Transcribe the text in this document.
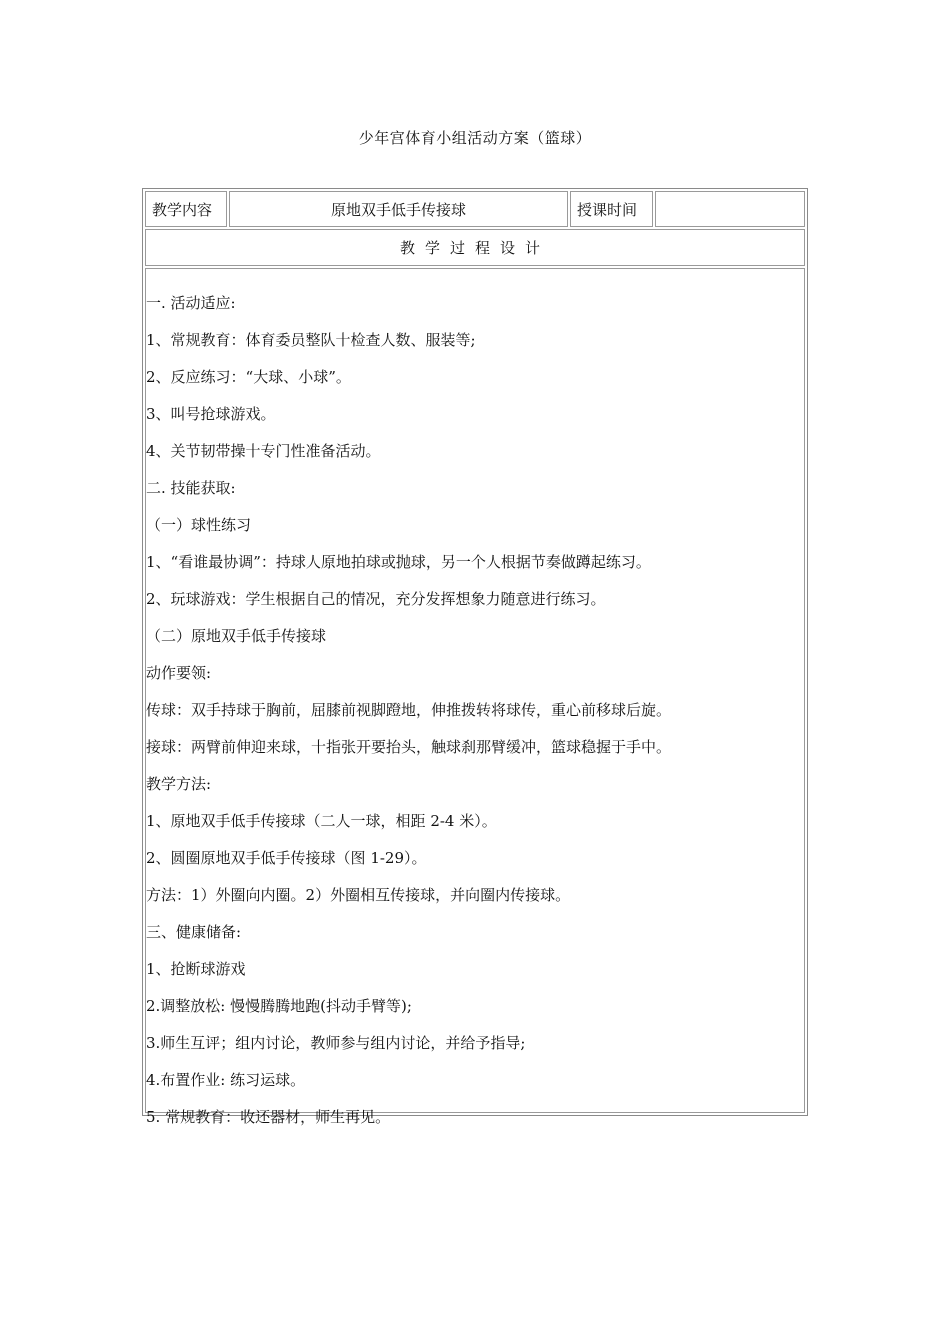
少年宫体育小组活动方案（篮球）
教学内容	原地双手低手传接球	授课时间
教学过程设计
一. 活动适应:
1、常规教育：体育委员整队十检查人数、服装等;
2、反应练习：“大球、小球”。
3、叫号抢球游戏。
4、关节韧带操十专门性准备活动。
二. 技能获取:
（一）球性练习
1、“看谁最协调”：持球人原地拍球或抛球，另一个人根据节奏做蹲起练习。
2、玩球游戏：学生根据自己的情况，充分发挥想象力随意进行练习。
（二）原地双手低手传接球
动作要领:
传球：双手持球于胸前，屈膝前视脚蹬地，伸推拨转将球传，重心前移球后旋。
接球：两臂前伸迎来球，十指张开要抬头，触球刹那臂缓冲，篮球稳握于手中。
教学方法:
1、原地双手低手传接球（二人一球，相距 2-4 米）。
2、圆圈原地双手低手传接球（图 1-29）。
方法：1）外圈向内圈。2）外圈相互传接球，并向圈内传接球。
三、健康储备:
1、抢断球游戏
2.调整放松: 慢慢腾腾地跑(抖动手臂等);
3.师生互评；组内讨论，教师参与组内讨论，并给予指导;
4.布置作业: 练习运球。
5. 常规教育：收还器材，师生再见。
